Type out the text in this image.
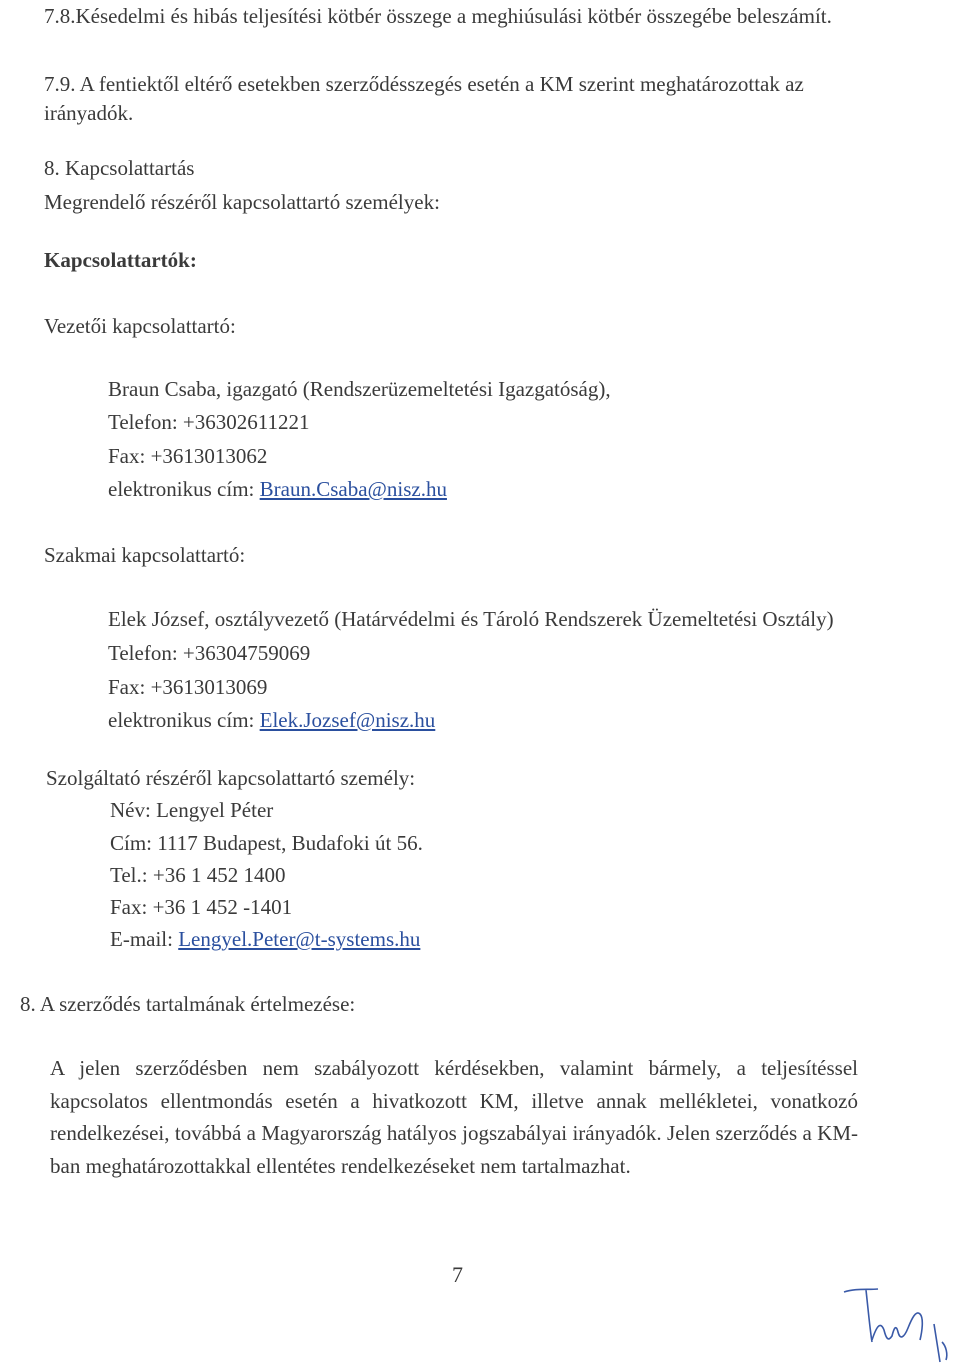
7.8.Késedelmi és hibás teljesítési kötbér összege a meghiúsulási kötbér összegébe beleszámít.
7.9. A fentiektől eltérő esetekben szerződésszegés esetén a KM szerint meghatározottak az
irányadók.
8. Kapcsolattartás
Megrendelő részéről kapcsolattartó személyek:
Kapcsolattartók:
Vezetői kapcsolattartó:
Braun Csaba, igazgató (Rendszerüzemeltetési Igazgatóság),
Telefon: +36302611221
Fax: +3613013062
elektronikus cím: Braun.Csaba@nisz.hu
Szakmai kapcsolattartó:
Elek József, osztályvezető (Határvédelmi és Tároló Rendszerek Üzemeltetési Osztály)
Telefon: +36304759069
Fax: +3613013069
elektronikus cím: Elek.Jozsef@nisz.hu
Szolgáltató részéről kapcsolattartó személy:
Név: Lengyel Péter
Cím: 1117 Budapest, Budafoki út 56.
Tel.: +36 1 452 1400
Fax: +36 1 452 -1401
E-mail: Lengyel.Peter@t-systems.hu
8. A szerződés tartalmának értelmezése:
A jelen szerződésben nem szabályozott kérdésekben, valamint bármely, a teljesítéssel kapcsolatos ellentmondás esetén a hivatkozott KM, illetve annak mellékletei, vonatkozó rendelkezései, továbbá a Magyarország hatályos jogszabályai irányadók. Jelen szerződés a KM-ban meghatározottakkal ellentétes rendelkezéseket nem tartalmazhat.
7
